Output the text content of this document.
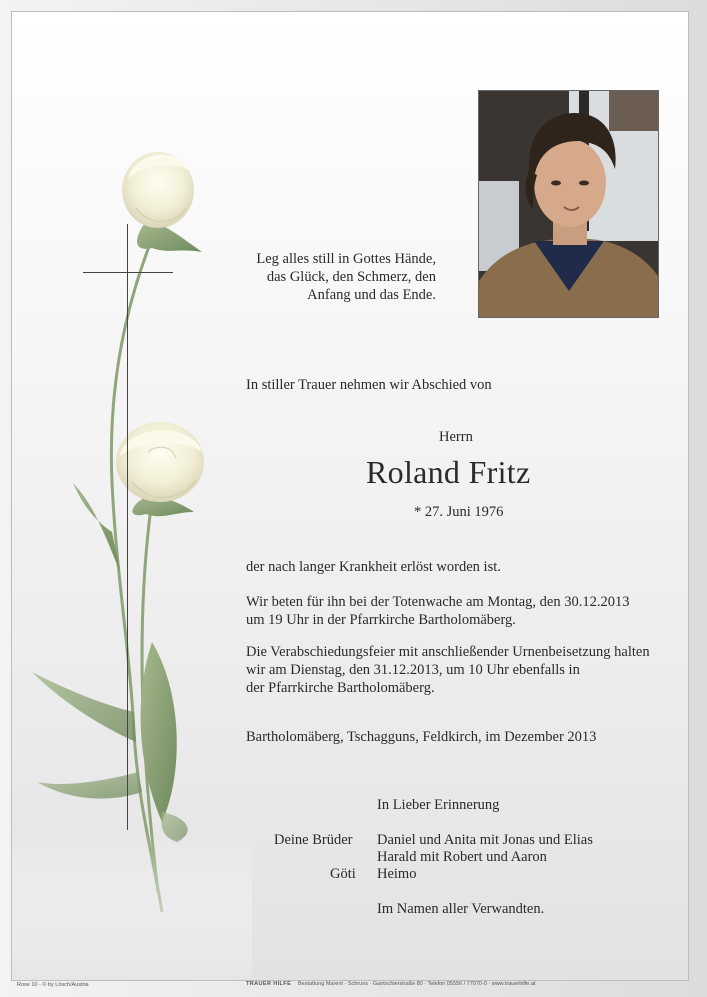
Leg alles still in Gottes Hände,
das Glück, den Schmerz, den
Anfang und das Ende.
In stiller Trauer nehmen wir Abschied von
Herrn
Roland Fritz
* 27. Juni 1976
der nach langer Krankheit erlöst worden ist.
Wir beten für ihn bei der Totenwache am Montag, den 30.12.2013
um 19 Uhr in der Pfarrkirche Bartholomäberg.
Die Verabschiedungsfeier mit anschließender Urnenbeisetzung halten
wir am Dienstag, den 31.12.2013, um 10 Uhr ebenfalls in
der Pfarrkirche Bartholomäberg.
Bartholomäberg, Tschagguns, Feldkirch, im Dezember 2013
In Lieber Erinnerung
Deine Brüder Daniel und Anita mit Jonas und Elias
Harald mit Robert und Aaron
Göti Heimo
Im Namen aller Verwandten.
Rose 10 - © by Lösch/Austria	TRAUER HILFE Bestattung Marent · Schruns · Gantschierstraße 80 · Telefon 05556 / 77070-0 · www.trauerhilfe.at
